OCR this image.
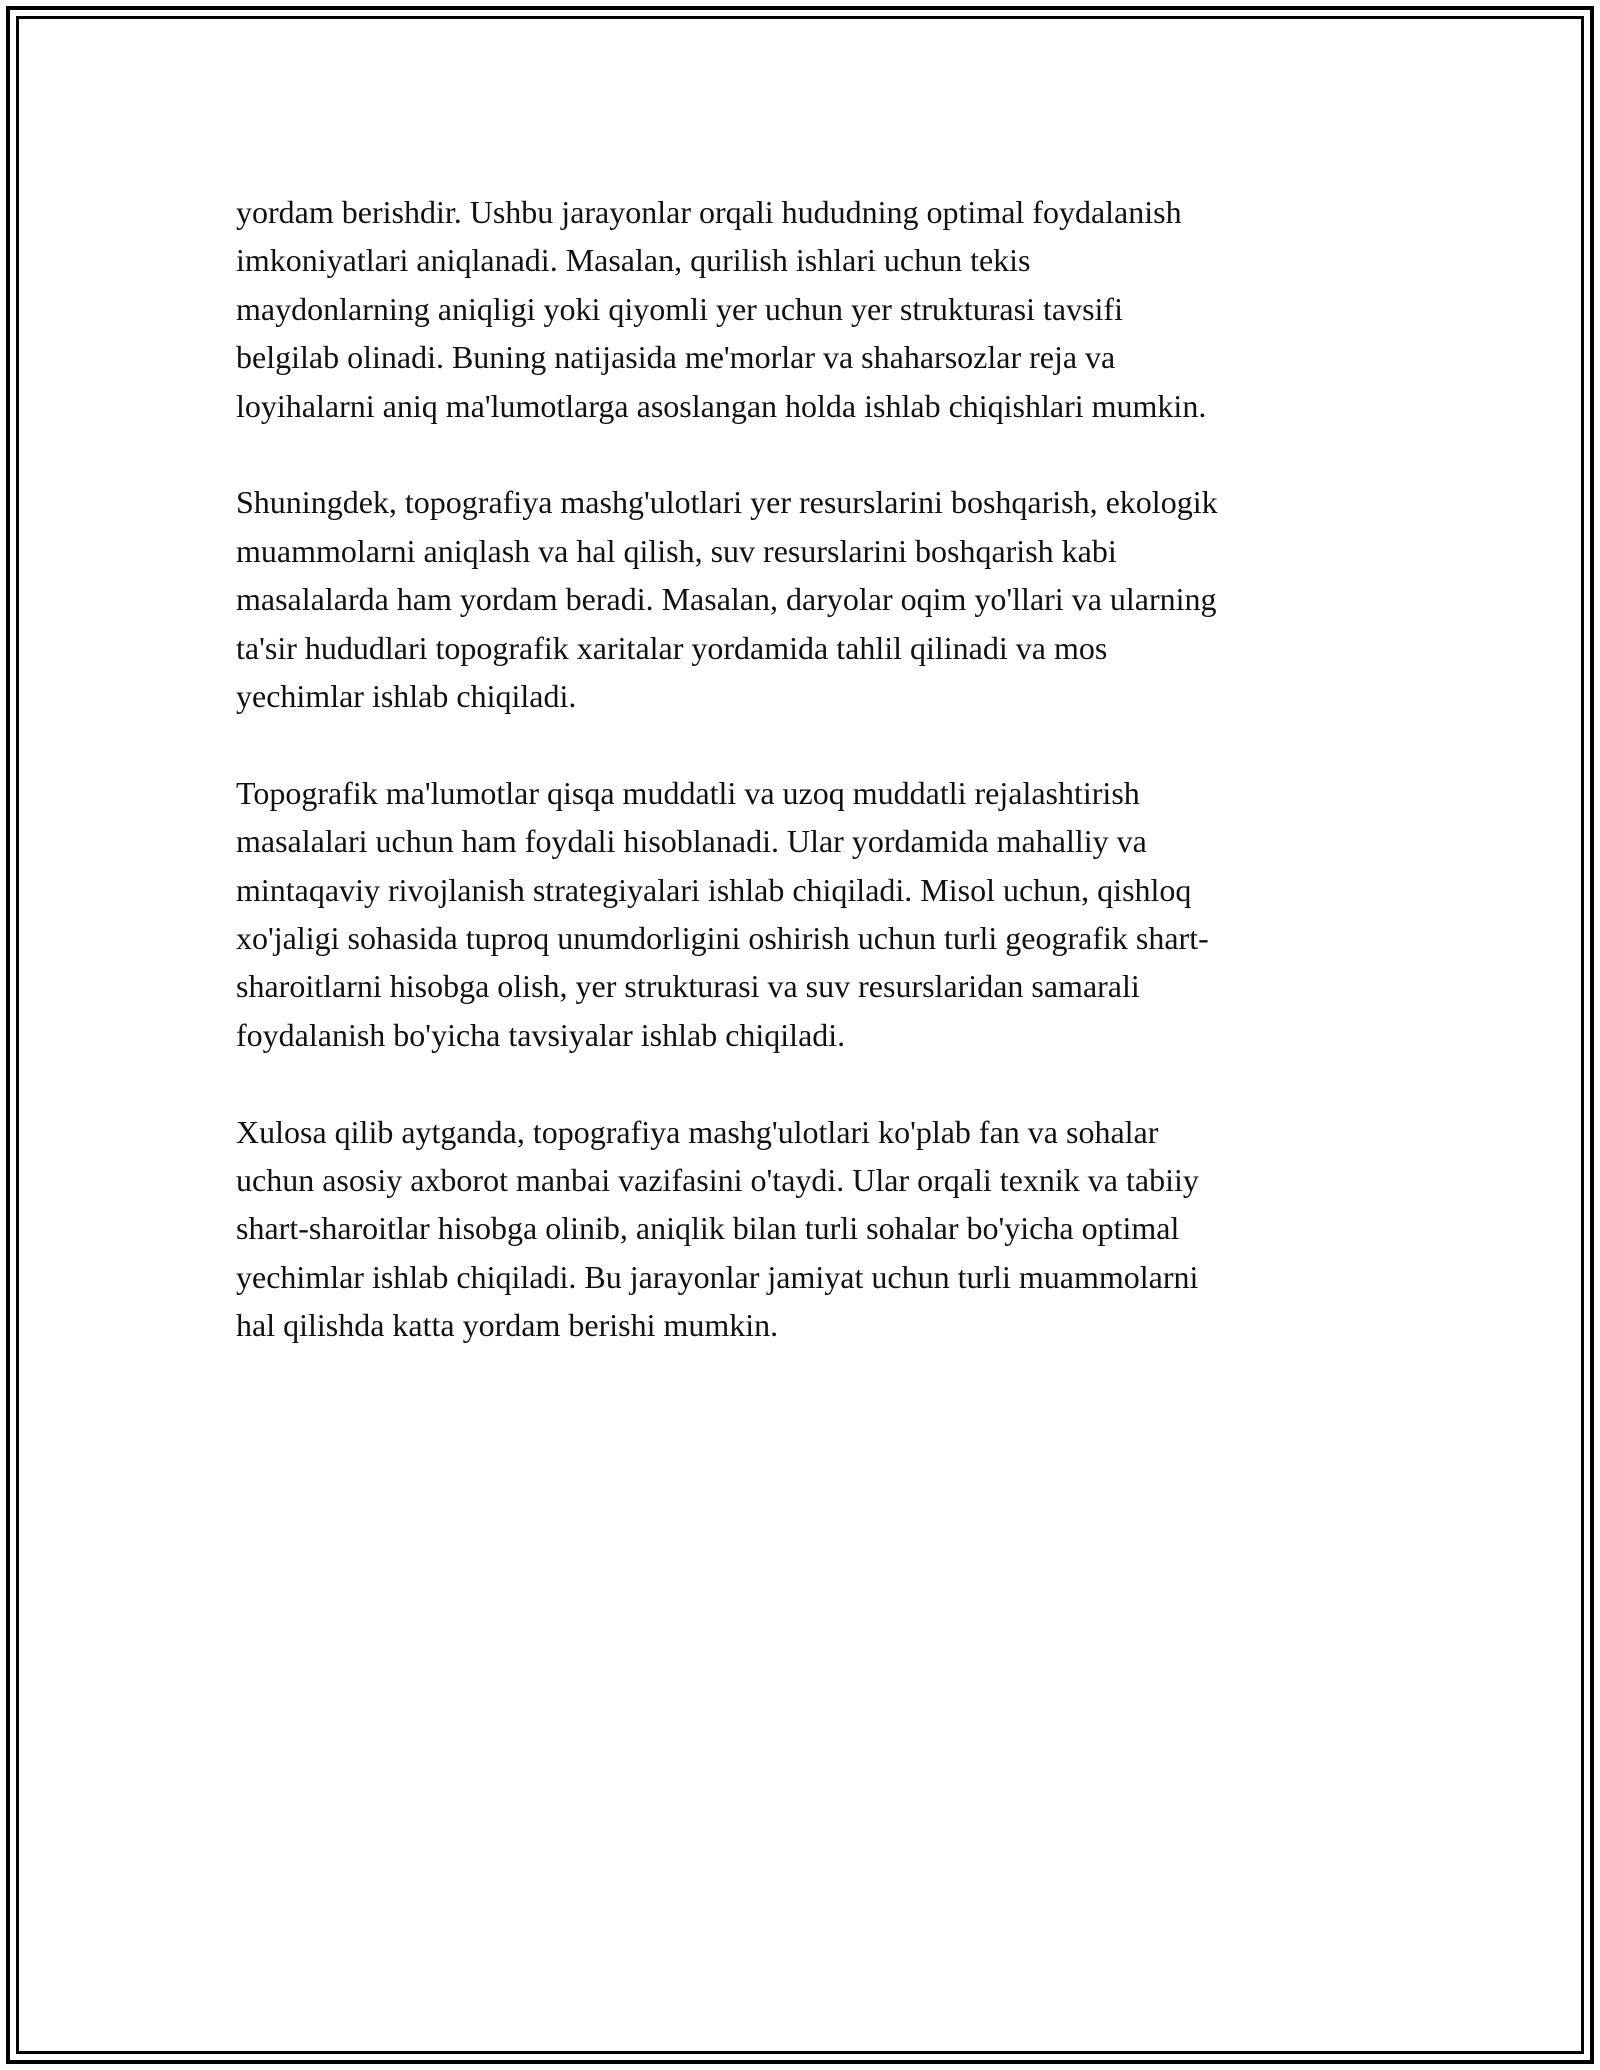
yordam berishdir. Ushbu jarayonlar orqali hududning optimal foydalanish
imkoniyatlari aniqlanadi. Masalan, qurilish ishlari uchun tekis
maydonlarning aniqligi yoki qiyomli yer uchun yer strukturasi tavsifi
belgilab olinadi. Buning natijasida me'morlar va shaharsozlar reja va
loyihalarni aniq ma'lumotlarga asoslangan holda ishlab chiqishlari mumkin.

Shuningdek, topografiya mashg'ulotlari yer resurslarini boshqarish, ekologik
muammolarni aniqlash va hal qilish, suv resurslarini boshqarish kabi
masalalarda ham yordam beradi. Masalan, daryolar oqim yo'llari va ularning
ta'sir hududlari topografik xaritalar yordamida tahlil qilinadi va mos
yechimlar ishlab chiqiladi.

Topografik ma'lumotlar qisqa muddatli va uzoq muddatli rejalashtirish
masalalari uchun ham foydali hisoblanadi. Ular yordamida mahalliy va
mintaqaviy rivojlanish strategiyalari ishlab chiqiladi. Misol uchun, qishloq
xo'jaligi sohasida tuproq unumdorligini oshirish uchun turli geografik shart-
sharoitlarni hisobga olish, yer strukturasi va suv resurslaridan samarali
foydalanish bo'yicha tavsiyalar ishlab chiqiladi.

Xulosa qilib aytganda, topografiya mashg'ulotlari ko'plab fan va sohalar
uchun asosiy axborot manbai vazifasini o'taydi. Ular orqali texnik va tabiiy
shart-sharoitlar hisobga olinib, aniqlik bilan turli sohalar bo'yicha optimal
yechimlar ishlab chiqiladi. Bu jarayonlar jamiyat uchun turli muammolarni
hal qilishda katta yordam berishi mumkin.
